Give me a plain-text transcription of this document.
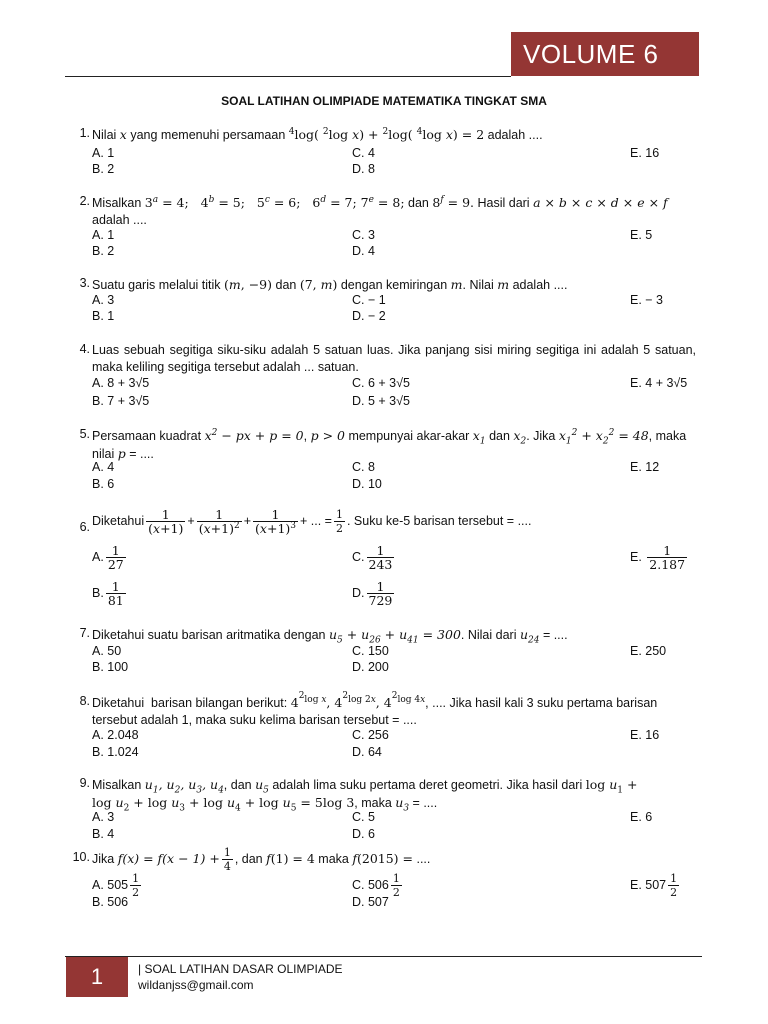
VOLUME 6
SOAL LATIHAN OLIMPIADE MATEMATIKA TINGKAT SMA
1. Nilai x yang memenuhi persamaan $^4$log( $^2$log x) + $^2$log( $^4$log x) = 2 adalah ....
A. 1	C. 4	E. 16
B. 2	D. 8
2. Misalkan $3^a = 4$;   $4^b = 5$;   $5^c = 6$;   $6^d = 7$; $7^e = 8$; dan $8^f = 9$. Hasil dari a × b × c × d × e × f
adalah ....
A. 1	C. 3	E. 5
B. 2	D. 4
3. Suatu garis melalui titik (m, −9) dan (7, m) dengan kemiringan m. Nilai m adalah ....
A. 3	C. − 1	E. − 3
B. 1	D. − 2
4. Luas sebuah segitiga siku-siku adalah 5 satuan luas. Jika panjang sisi miring segitiga ini adalah 5 satuan, maka keliling segitiga tersebut adalah ... satuan.
A. 8 + 3√5	C. 6 + 3√5	E. 4 + 3√5
B. 7 + 3√5	D. 5 + 3√5
5. Persamaan kuadrat $x^2$ − px + p = 0, p > 0 mempunyai akar-akar $x_1$ dan $x_2$. Jika $x_1^2 + x_2^2 = 48$, maka
nilai p = ....
A. 4	C. 8	E. 12
B. 6	D. 10
6. Diketahui $\frac{1}{(x+1)} + \frac{1}{(x+1)^2} + \frac{1}{(x+1)^3}$ + ... = $\frac{1}{2}$ . Suku ke-5 barisan tersebut = ....
A. $\frac{1}{27}$	C. $\frac{1}{243}$	E. $\frac{1}{2.187}$
B. $\frac{1}{81}$	D. $\frac{1}{729}$
7. Diketahui suatu barisan aritmatika dengan $u_5 + u_{26} + u_{41} = 300$. Nilai dari $u_{24}$ = ....
A. 50	C. 150	E. 250
B. 100	D. 200
8. Diketahui  barisan bilangan berikut: $4^{^2log x}$, $4^{^2log 2x}$, $4^{^2log 4x}$, .... Jika hasil kali 3 suku pertama barisan
tersebut adalah 1, maka suku kelima barisan tersebut = ....
A. 2.048	C. 256	E. 16
B. 1.024	D. 64
9. Misalkan $u_1$, $u_2$, $u_3$, $u_4$, dan $u_5$ adalah lima suku pertama deret geometri. Jika hasil dari $\log u_1$ +
$\log u_2 + \log u_3 + \log u_4 + \log u_5 = 5\log$ 3, maka $u_3$ = ....
A. 3	C. 5	E. 6
B. 4	D. 6
10. Jika $f(x) = f(x - 1) + \frac{1}{4}$ , dan f(1) = 4 maka f(2015) = ....
A. $505 \frac{1}{2}$	C. $506 \frac{1}{2}$	E. $507 \frac{1}{2}$
B. 506	D. 507
1	| SOAL LATIHAN DASAR OLIMPIADE
wildanjss@gmail.com
